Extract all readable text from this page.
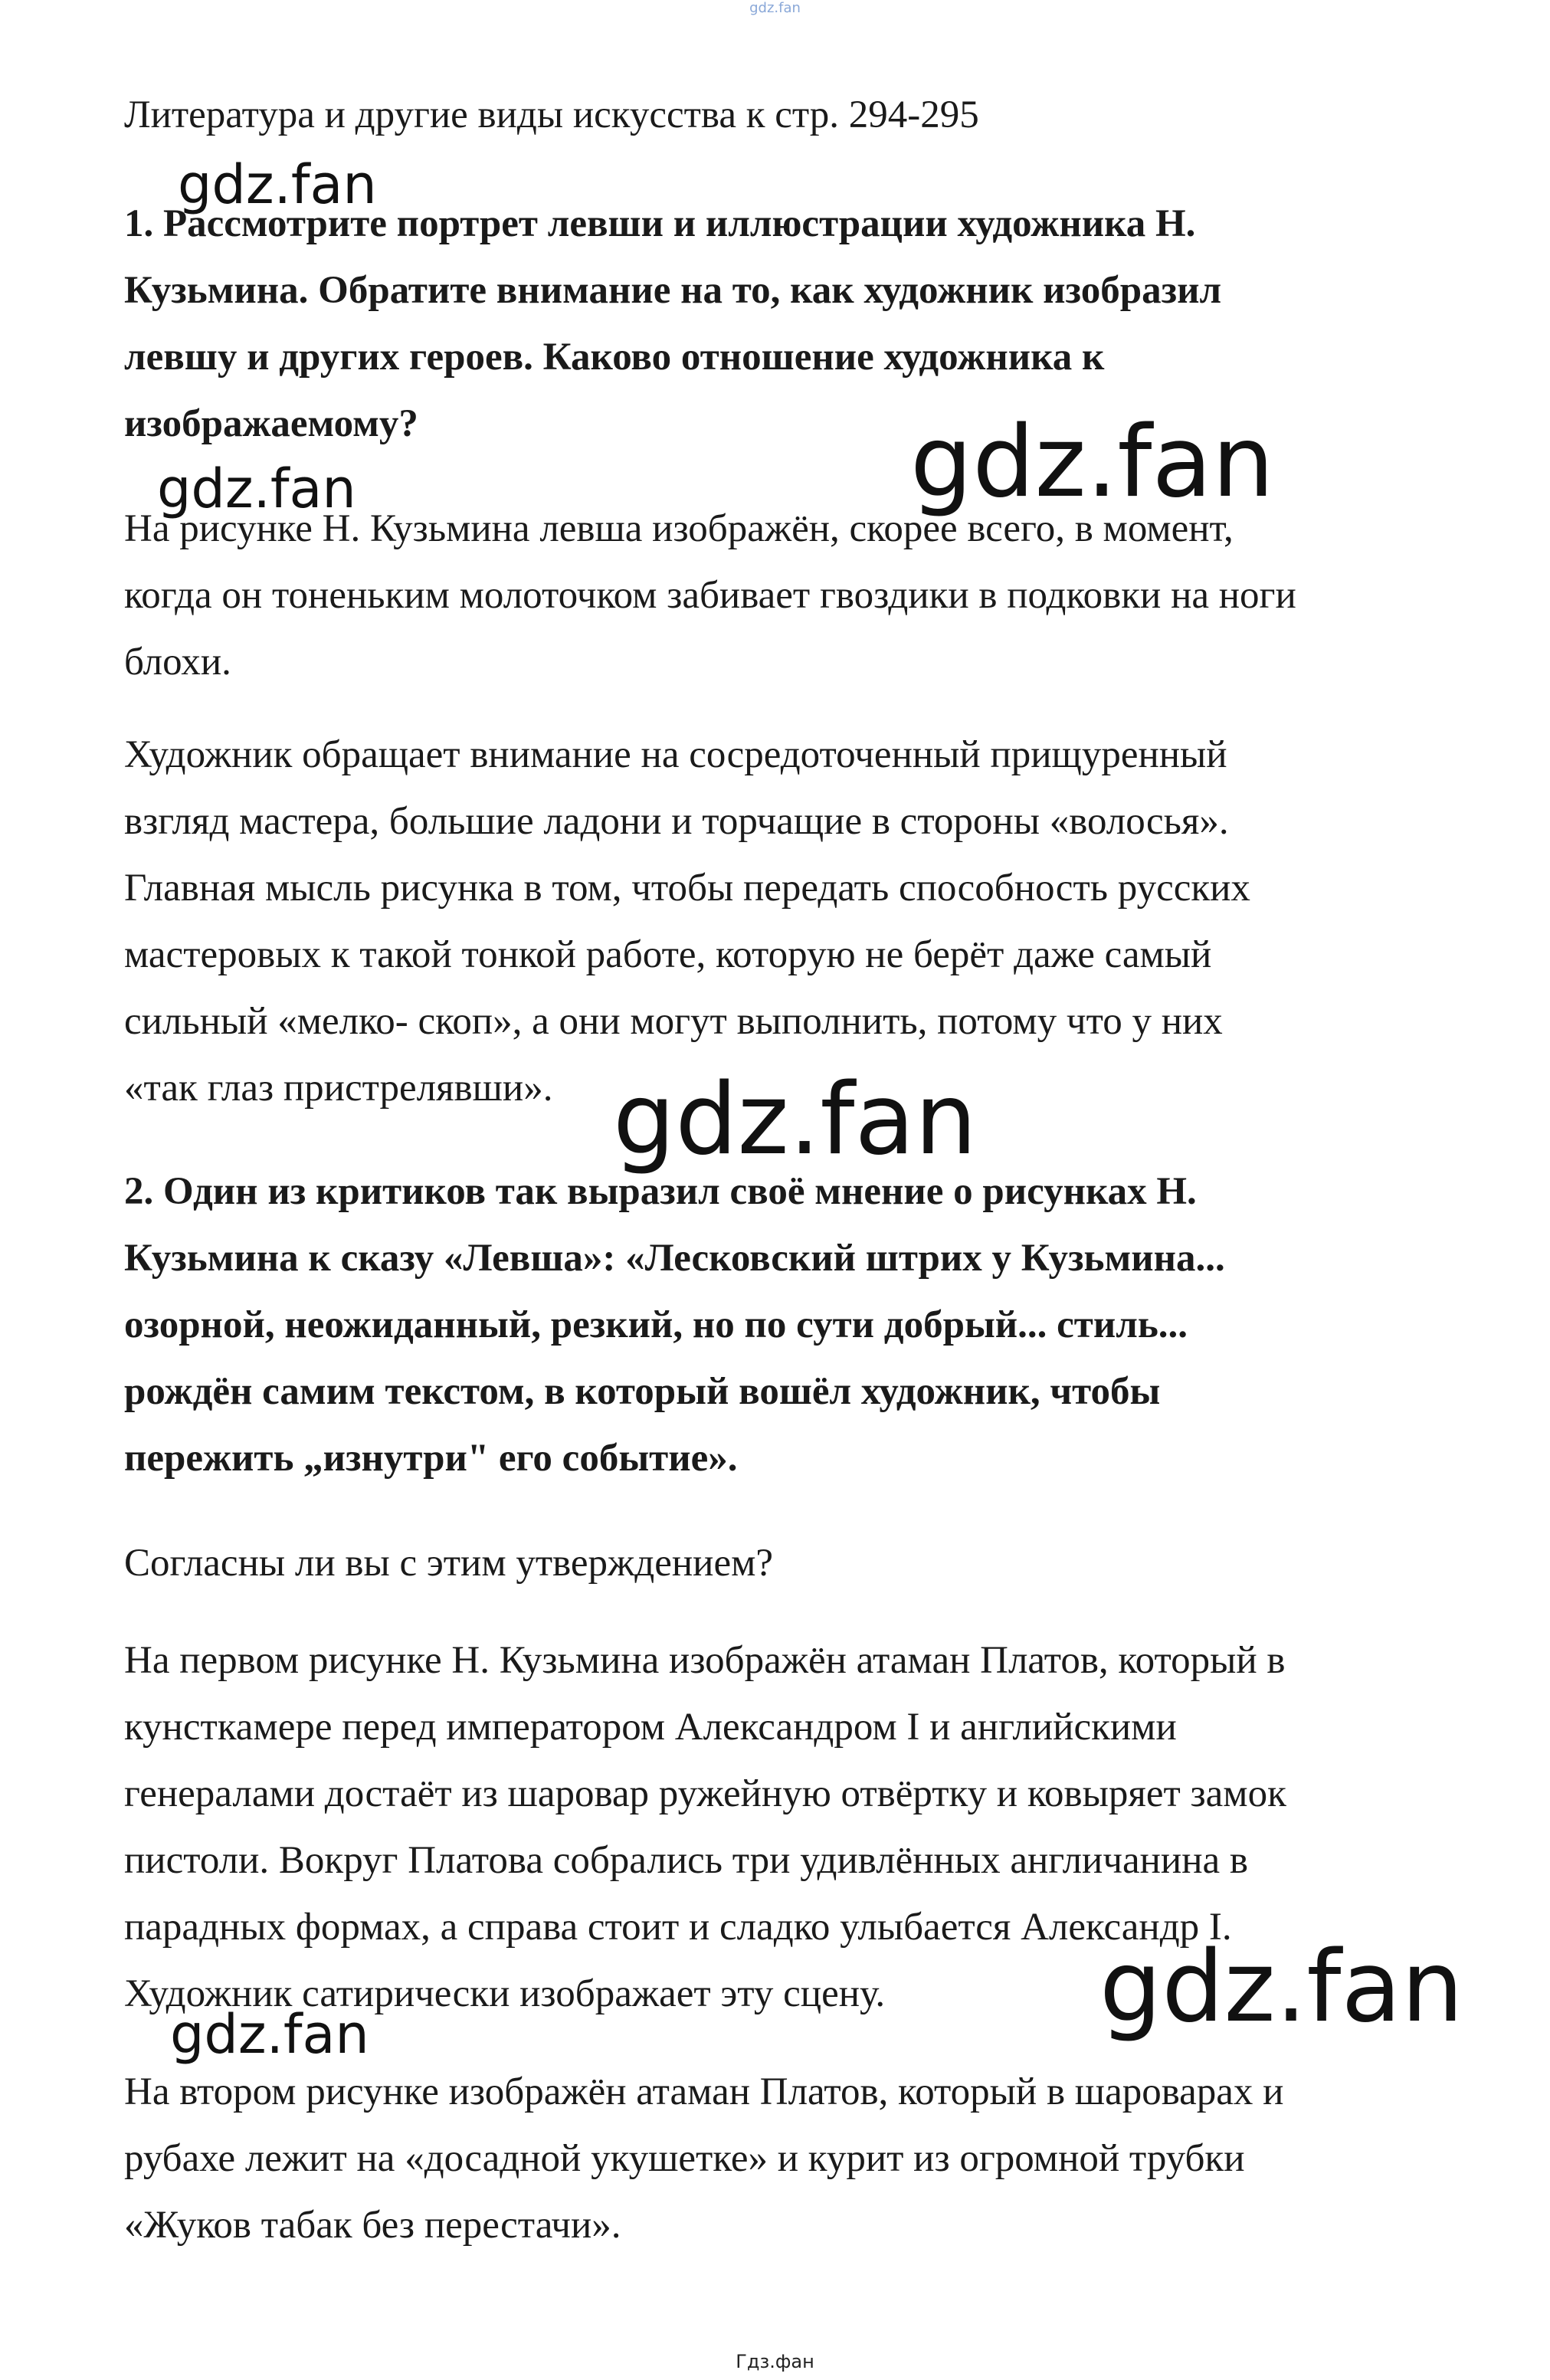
gdz.fan
Литература и другие виды искусства к стр. 294-295
1. Рассмотрите портрет левши и иллюстрации художника Н.
Кузьмина. Обратите внимание на то, как художник изобразил
левшу и других героев. Каково отношение художника к
изображаемому?
На рисунке Н. Кузьмина левша изображён, скорее всего, в момент,
когда он тоненьким молоточком забивает гвоздики в подковки на ноги
блохи.
Художник обращает внимание на сосредоточенный прищуренный
взгляд мастера, большие ладони и торчащие в стороны «волосья».
Главная мысль рисунка в том, чтобы передать способность русских
мастеровых к такой тонкой работе, которую не берёт даже самый
сильный «мелко- скоп», а они могут выполнить, потому что у них
«так глаз пристрелявши».
2. Один из критиков так выразил своё мнение о рисунках Н.
Кузьмина к сказу «Левша»: «Лесковский штрих у Кузьмина...
озорной, неожиданный, резкий, но по сути добрый... стиль...
рождён самим текстом, в который вошёл художник, чтобы
пережить „изнутри" его событие».
Согласны ли вы с этим утверждением?
На первом рисунке Н. Кузьмина изображён атаман Платов, который в
кунсткамере перед императором Александром I и английскими
генералами достаёт из шаровар ружейную отвёртку и ковыряет замок
пистоли. Вокруг Платова собрались три удивлённых англичанина в
парадных формах, а справа стоит и сладко улыбается Александр I.
Художник сатирически изображает эту сцену.
На втором рисунке изображён атаман Платов, который в шароварах и
рубахе лежит на «досадной укушетке» и курит из огромной трубки
«Жуков табак без перестачи».
gdz.fan
gdz.fan
gdz.fan
gdz.fan
gdz.fan
gdz.fan
Гдз.фан
